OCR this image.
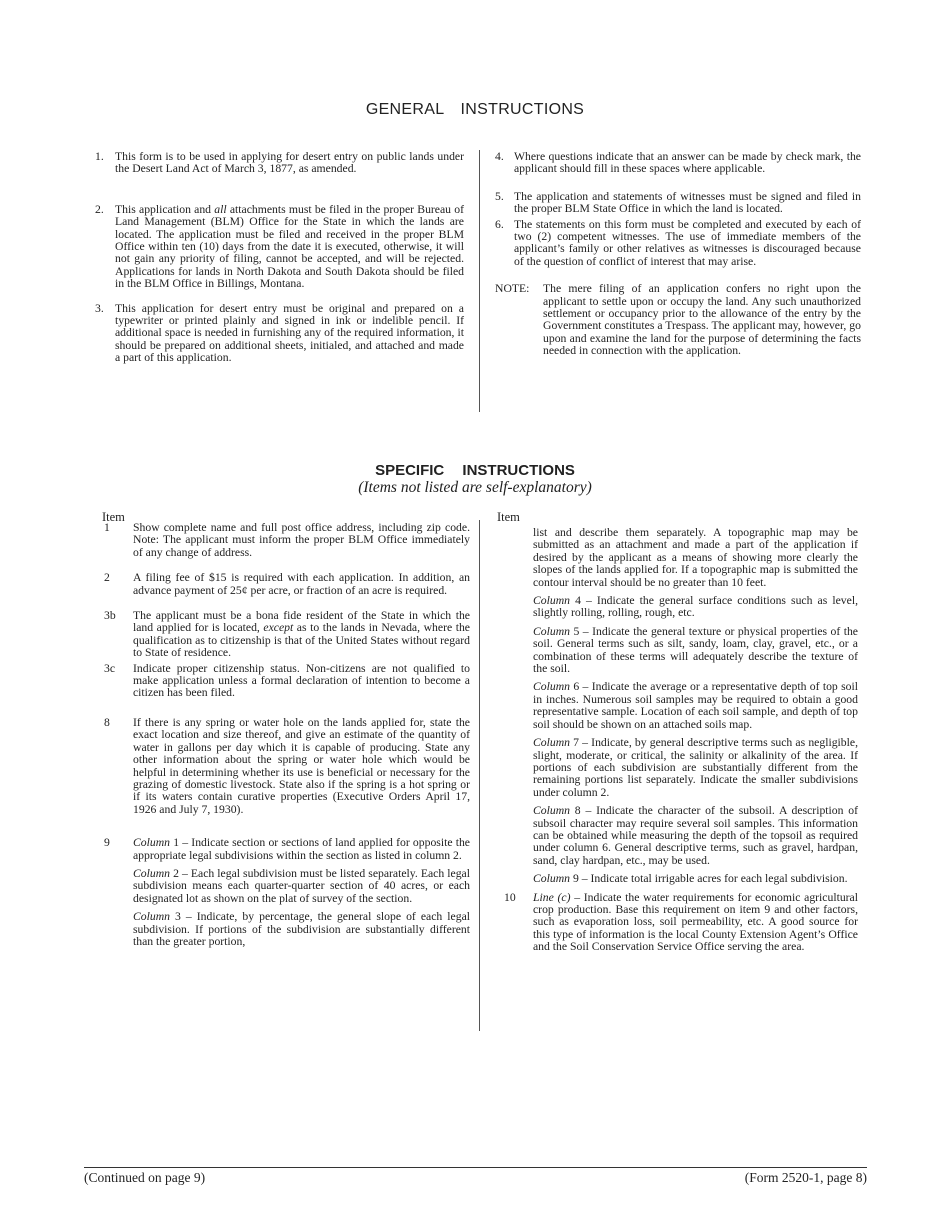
GENERAL INSTRUCTIONS
1. This form is to be used in applying for desert entry on public lands under the Desert Land Act of March 3, 1877, as amended.
2. This application and all attachments must be filed in the proper Bureau of Land Management (BLM) Office for the State in which the lands are located. The application must be filed and received in the proper BLM Office within ten (10) days from the date it is executed, otherwise, it will not gain any priority of filing, cannot be accepted, and will be rejected. Applications for lands in North Dakota and South Dakota should be filed in the BLM Office in Billings, Montana.
3. This application for desert entry must be original and prepared on a typewriter or printed plainly and signed in ink or indelible pencil. If additional space is needed in furnishing any of the required information, it should be prepared on additional sheets, initialed, and attached and made a part of this application.
4. Where questions indicate that an answer can be made by check mark, the applicant should fill in these spaces where applicable.
5. The application and statements of witnesses must be signed and filed in the proper BLM State Office in which the land is located.
6. The statements on this form must be completed and executed by each of two (2) competent witnesses. The use of immediate members of the applicant’s family or other relatives as witnesses is discouraged because of the question of conflict of interest that may arise.
NOTE:	The mere filing of an application confers no right upon the applicant to settle upon or occupy the land. Any such unauthorized settlement or occupancy prior to the allowance of the entry by the Government constitutes a Trespass. The applicant may, however, go upon and examine the land for the purpose of determining the facts needed in connection with the application.
SPECIFIC INSTRUCTIONS
(Items not listed are self-explanatory)
Item	Item
1	Show complete name and full post office address, including zip code. Note: The applicant must inform the proper BLM Office immediately of any change of address.
2	A filing fee of $15 is required with each application. In addition, an advance payment of 25¢ per acre, or fraction of an acre is required.
3b	The applicant must be a bona fide resident of the State in which the land applied for is located, except as to the lands in Nevada, where the qualification as to citizenship is that of the United States without regard to State of residence.
3c	Indicate proper citizenship status. Non-citizens are not qualified to make application unless a formal declaration of intention to become a citizen has been filed.
8	If there is any spring or water hole on the lands applied for, state the exact location and size thereof, and give an estimate of the quantity of water in gallons per day which it is capable of producing. State any other information about the spring or water hole which would be helpful in determining whether its use is beneficial or necessary for the grazing of domestic livestock. State also if the spring is a hot spring or if its waters contain curative properties (Executive Orders April 17, 1926 and July 7, 1930).
9	Column 1 – Indicate section or sections of land applied for opposite the appropriate legal subdivisions within the section as listed in column 2.

Column 2 – Each legal subdivision must be listed separately. Each legal subdivision means each quarter-quarter section of 40 acres, or each designated lot as shown on the plat of survey of the section.

Column 3 – Indicate, by percentage, the general slope of each legal subdivision. If portions of the subdivision are substantially different than the greater portion,

list and describe them separately. A topographic map may be submitted as an attachment and made a part of the application if desired by the applicant as a means of showing more clearly the slopes of the lands applied for. If a topographic map is submitted the contour interval should be no greater than 10 feet.

Column 4 – Indicate the general surface conditions such as level, slightly rolling, rolling, rough, etc.

Column 5 – Indicate the general texture or physical properties of the soil. General terms such as silt, sandy, loam, clay, gravel, etc., or a combination of these terms will adequately describe the texture of the soil.

Column 6 – Indicate the average or a representative depth of top soil in inches. Numerous soil samples may be required to obtain a good representative sample. Location of each soil sample, and depth of top soil should be shown on an attached soils map.

Column 7 – Indicate, by general descriptive terms such as negligible, slight, moderate, or critical, the salinity or alkalinity of the area. If portions of each subdivision are substantially different from the remaining portions list separately. Indicate the smaller subdivisions under column 2.

Column 8 – Indicate the character of the subsoil. A description of subsoil character may require several soil samples. This information can be obtained while measuring the depth of the topsoil as required under column 6. General descriptive terms, such as gravel, hardpan, sand, clay hardpan, etc., may be used.

Column 9 – Indicate total irrigable acres for each legal subdivision.

10	Line (c) – Indicate the water requirements for economic agricultural crop production. Base this requirement on item 9 and other factors, such as evaporation loss, soil permeability, etc. A good source for this type of information is the local County Extension Agent’s Office and the Soil Conservation Service Office serving the area.
(Continued on page 9)	(Form 2520-1, page 8)
